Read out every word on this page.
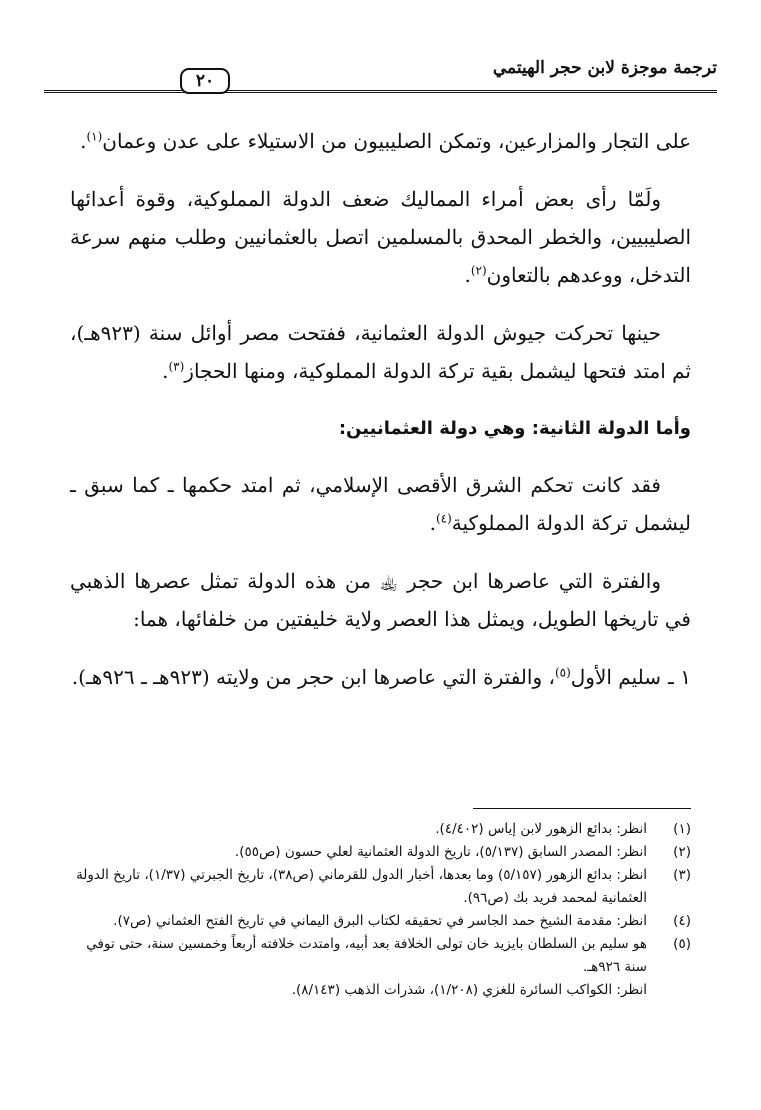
ترجمة موجزة لابن حجر الهيتمي
٢٠

على التجار والمزارعين، وتمكن الصليبيون من الاستيلاء على عدن وعمان$^{(١)}$.

ولَمّا رأى بعض أمراء المماليك ضعف الدولة المملوكية، وقوة أعدائها الصليبيين، والخطر المحدق بالمسلمين اتصل بالعثمانيين وطلب منهم سرعة التدخل، ووعدهم بالتعاون$^{(٢)}$.

حينها تحركت جيوش الدولة العثمانية، ففتحت مصر أوائل سنة (٩٢٣هـ)، ثم امتد فتحها ليشمل بقية تركة الدولة المملوكية، ومنها الحجاز$^{(٣)}$.

وأما الدولة الثانية: وهي دولة العثمانيين:

فقد كانت تحكم الشرق الأقصى الإسلامي، ثم امتد حكمها ـ كما سبق ـ ليشمل تركة الدولة المملوكية$^{(٤)}$.

والفترة التي عاصرها ابن حجر ﵀ من هذه الدولة تمثل عصرها الذهبي في تاريخها الطويل، ويمثل هذا العصر ولاية خليفتين من خلفائها، هما:

١ ـ
سليم الأول$^{(٥)}$، والفترة التي عاصرها ابن حجر من ولايته (٩٢٣هـ ـ ٩٢٦هـ).

(١)
انظر: بدائع الزهور لابن إياس (٤/٤٠٢).

(٢)
انظر: المصدر السابق (٥/١٣٧)، تاريخ الدولة العثمانية لعلي حسون (ص٥٥).

(٣)
انظر: بدائع الزهور (٥/١٥٧) وما بعدها، أخبار الدول للقرماني (ص٣٨)، تاريخ الجبرتي (١/٣٧)، تاريخ الدولة العثمانية لمحمد فريد بك (ص٩٦).

(٤)
انظر: مقدمة الشيخ حمد الجاسر في تحقيقه لكتاب البرق اليماني في تاريخ الفتح العثماني (ص٧).

(٥)
هو سليم بن السلطان بايزيد خان تولى الخلافة بعد أبيه، وامتدت خلافته أربعاً وخمسين سنة، حتى توفي سنة ٩٢٦هـ.

انظر: الكواكب السائرة للغزي (١/٢٠٨)، شذرات الذهب (٨/١٤٣).
